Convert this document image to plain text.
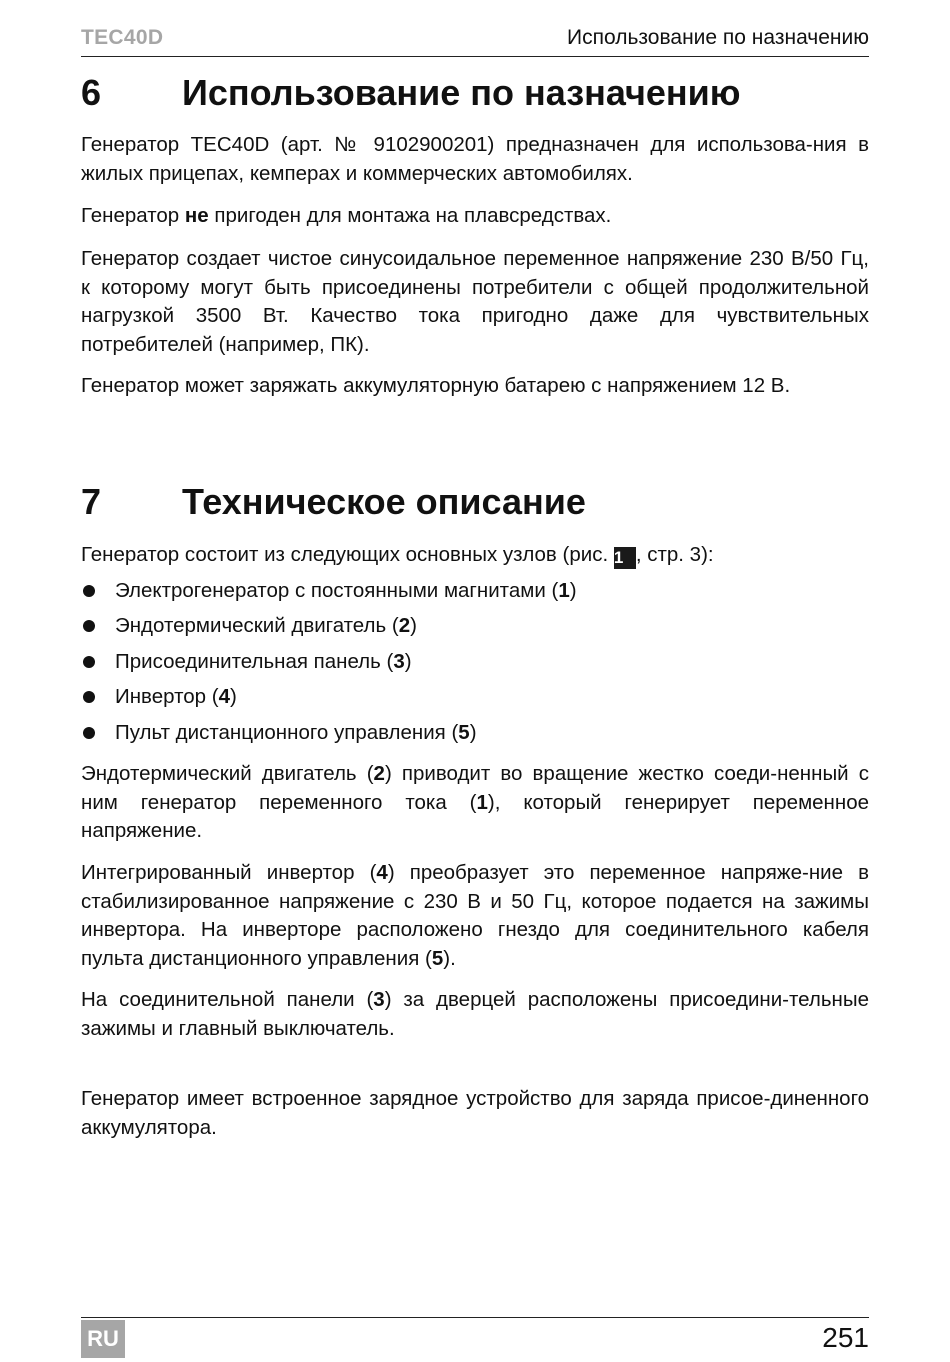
TEC40D	Использование по назначению
6 Использование по назначению

Генератор TEC40D (арт. № 9102900201) предназначен для использова-ния в жилых прицепах, кемперах и коммерческих автомобилях.

Генератор не пригоден для монтажа на плавсредствах.

Генератор создает чистое синусоидальное переменное напряжение 230 В/50 Гц, к которому могут быть присоединены потребители с общей продолжительной нагрузкой 3500 Вт. Качество тока пригодно даже для чувствительных потребителей (например, ПК).

Генератор может заряжать аккумуляторную батарею с напряжением 12 В.

7 Техническое описание

Генератор состоит из следующих основных узлов (рис. 1 , стр. 3):

Электрогенератор с постоянными магнитами (1)
Эндотермический двигатель (2)
Присоединительная панель (3)
Инвертор (4)
Пульт дистанционного управления (5)

Эндотермический двигатель (2) приводит во вращение жестко соеди-ненный с ним генератор переменного тока (1), который генерирует переменное напряжение.

Интегрированный инвертор (4) преобразует это переменное напряже-ние в стабилизированное напряжение с 230 В и 50 Гц, которое подается на зажимы инвертора. На инверторе расположено гнездо для соединительного кабеля пульта дистанционного управления (5).

На соединительной панели (3) за дверцей расположены присоедини-тельные зажимы и главный выключатель.

Генератор имеет встроенное зарядное устройство для заряда присое-диненного аккумулятора.

RU	251
